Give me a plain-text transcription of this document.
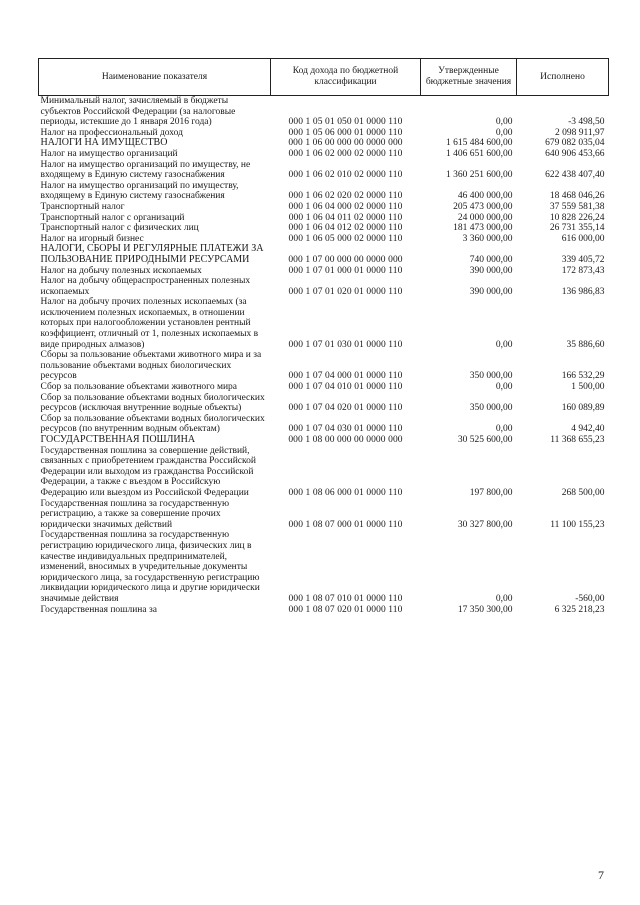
Наименование показателя	Код дохода по бюджетной классификации	Утвержденные бюджетные значения	Исполнено
Минимальный налог, зачисляемый в бюджеты субъектов Российской Федерации (за налоговые периоды, истекшие до 1 января 2016 года)	000 1 05 01 050 01 0000 110	0,00	-3 498,50
Налог на профессиональный доход	000 1 05 06 000 01 0000 110	0,00	2 098 911,97
НАЛОГИ НА ИМУЩЕСТВО	000 1 06 00 000 00 0000 000	1 615 484 600,00	679 082 035,04
Налог на имущество организаций	000 1 06 02 000 02 0000 110	1 406 651 600,00	640 906 453,66
Налог на имущество организаций по имуществу, не входящему в Единую систему газоснабжения	000 1 06 02 010 02 0000 110	1 360 251 600,00	622 438 407,40
Налог на имущество организаций по имуществу, входящему в Единую систему газоснабжения	000 1 06 02 020 02 0000 110	46 400 000,00	18 468 046,26
Транспортный налог	000 1 06 04 000 02 0000 110	205 473 000,00	37 559 581,38
Транспортный налог с организаций	000 1 06 04 011 02 0000 110	24 000 000,00	10 828 226,24
Транспортный налог с физических лиц	000 1 06 04 012 02 0000 110	181 473 000,00	26 731 355,14
Налог на игорный бизнес	000 1 06 05 000 02 0000 110	3 360 000,00	616 000,00
НАЛОГИ, СБОРЫ И РЕГУЛЯРНЫЕ ПЛАТЕЖИ ЗА ПОЛЬЗОВАНИЕ ПРИРОДНЫМИ РЕСУРСАМИ	000 1 07 00 000 00 0000 000	740 000,00	339 405,72
Налог на добычу полезных ископаемых	000 1 07 01 000 01 0000 110	390 000,00	172 873,43
Налог на добычу общераспространенных полезных ископаемых	000 1 07 01 020 01 0000 110	390 000,00	136 986,83
Налог на добычу прочих полезных ископаемых (за исключением полезных ископаемых, в отношении которых при налогообложении установлен рентный коэффициент, отличный от 1, полезных ископаемых в виде природных алмазов)	000 1 07 01 030 01 0000 110	0,00	35 886,60
Сборы за пользование объектами животного мира и за пользование объектами водных биологических ресурсов	000 1 07 04 000 01 0000 110	350 000,00	166 532,29
Сбор за пользование объектами животного мира	000 1 07 04 010 01 0000 110	0,00	1 500,00
Сбор за пользование объектами водных биологических ресурсов (исключая внутренние водные объекты)	000 1 07 04 020 01 0000 110	350 000,00	160 089,89
Сбор за пользование объектами водных биологических ресурсов (по внутренним водным объектам)	000 1 07 04 030 01 0000 110	0,00	4 942,40
ГОСУДАРСТВЕННАЯ ПОШЛИНА	000 1 08 00 000 00 0000 000	30 525 600,00	11 368 655,23
Государственная пошлина за совершение действий, связанных с приобретением гражданства Российской Федерации или выходом из гражданства Российской Федерации, а также с въездом в Российскую Федерацию или выездом из Российской Федерации	000 1 08 06 000 01 0000 110	197 800,00	268 500,00
Государственная пошлина за государственную регистрацию, а также за совершение прочих юридически значимых действий	000 1 08 07 000 01 0000 110	30 327 800,00	11 100 155,23
Государственная пошлина за государственную регистрацию юридического лица, физических лиц в качестве индивидуальных предпринимателей, изменений, вносимых в учредительные документы юридического лица, за государственную регистрацию ликвидации юридического лица и другие юридически значимые действия	000 1 08 07 010 01 0000 110	0,00	-560,00
Государственная пошлина за	000 1 08 07 020 01 0000 110	17 350 300,00	6 325 218,23
7
